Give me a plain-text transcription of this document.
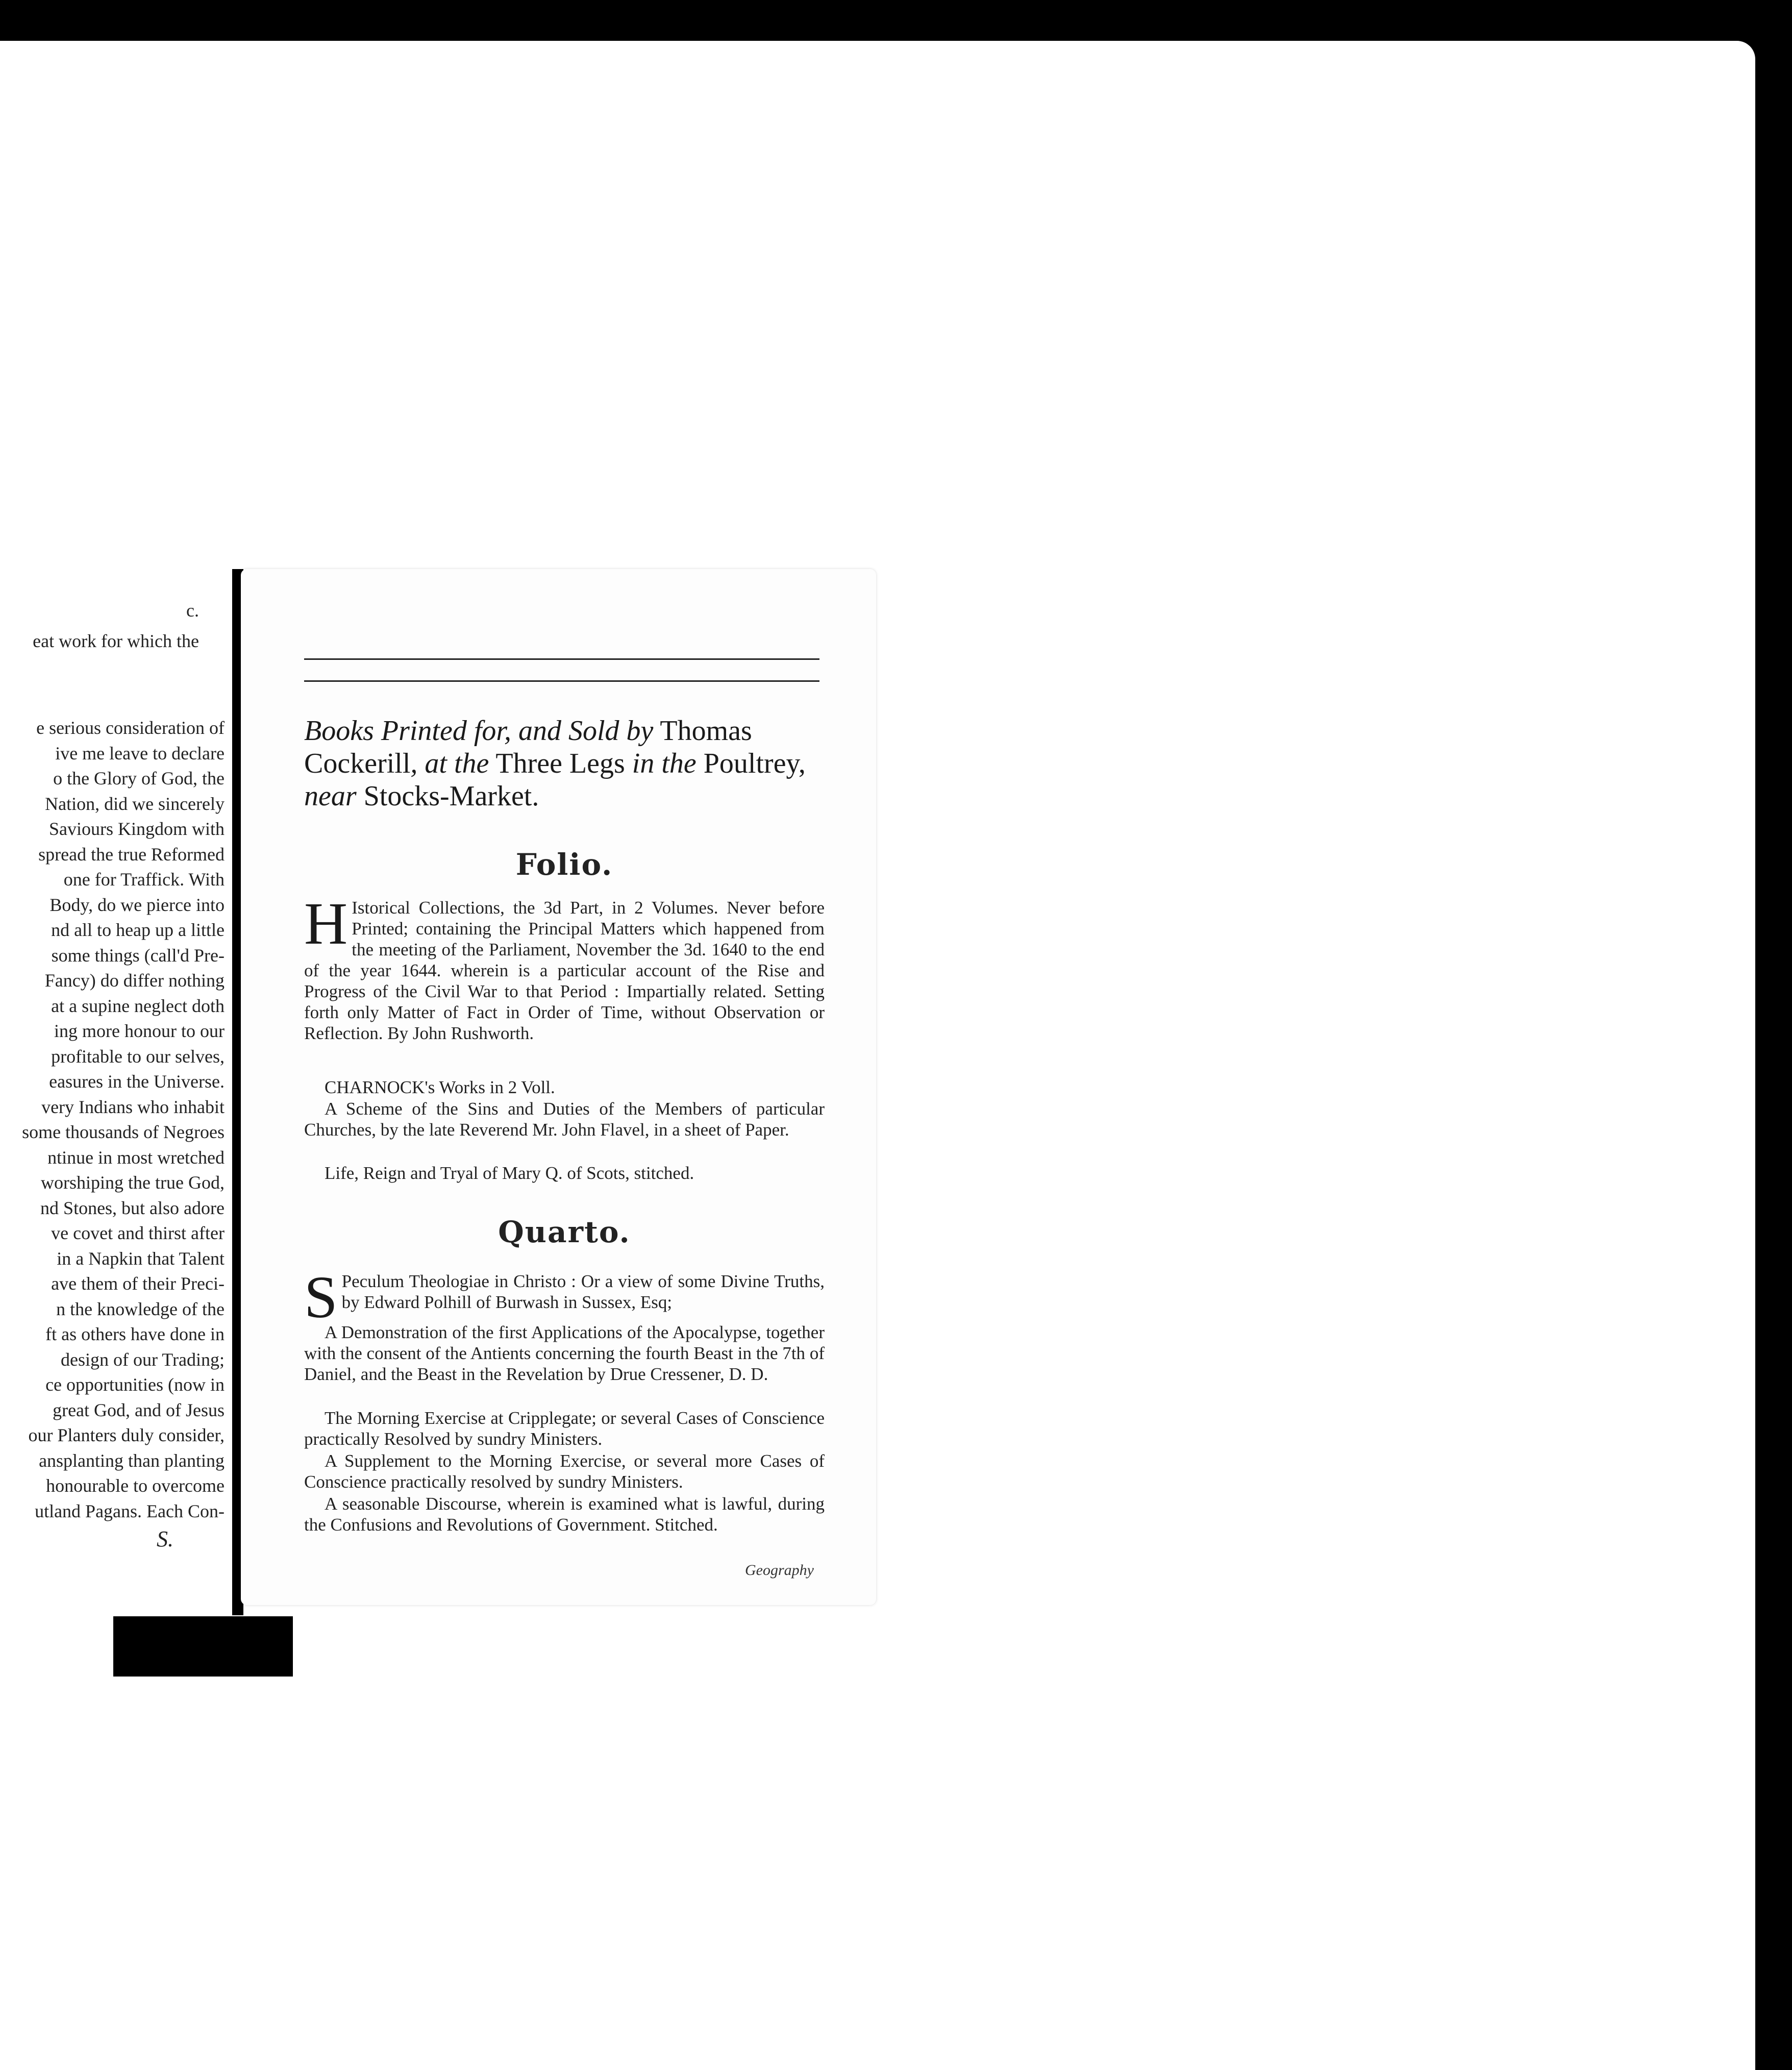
c.
eat work for which the
e serious consideration of
ive me leave to declare
o the Glory of God, the
Nation, did we sincerely
Saviours Kingdom with
spread the true Reformed
one for Traffick. With
Body, do we pierce into
nd all to heap up a little
some things (call'd Pre-
Fancy) do differ nothing
at a supine neglect doth
ing more honour to our
profitable to our selves,
easures in the Universe.
very Indians who inhabit
some thousands of Negroes
ntinue in most wretched
worshiping the true God,
nd Stones, but also adore
ve covet and thirst after
in a Napkin that Talent
ave them of their Preci-
n the knowledge of the
ft as others have done in
design of our Trading;
ce opportunities (now in
great God, and of Jesus
our Planters duly consider,
ansplanting than planting
honourable to overcome
utland Pagans. Each Con-
S.
Books Printed for, and Sold by Thomas Cockerill, at the Three Legs in the Poultrey, near Stocks-Market.
Folio.
H Istorical Collections, the 3d Part, in 2 Volumes. Never before Printed; containing the Principal Matters which happened from the meeting of the Parliament, November the 3d. 1640 to the end of the year 1644. wherein is a particular account of the Rise and Progress of the Civil War to that Period : Impartially related. Setting forth only Matter of Fact in Order of Time, without Observation or Reflection. By John Rushworth.
CHARNOCK's Works in 2 Voll.
A Scheme of the Sins and Duties of the Members of particular Churches, by the late Reverend Mr. John Flavel, in a sheet of Paper.
Life, Reign and Tryal of Mary Q. of Scots, stitched.
Quarto.
S Peculum Theologiae in Christo : Or a view of some Divine Truths, by Edward Polhill of Burwash in Sussex, Esq;
A Demonstration of the first Applications of the Apocalypse, together with the consent of the Antients concerning the fourth Beast in the 7th of Daniel, and the Beast in the Revelation by Drue Cressener, D. D.
The Morning Exercise at Cripplegate; or several Cases of Conscience practically Resolved by sundry Ministers.
A Supplement to the Morning Exercise, or several more Cases of Conscience practically resolved by sundry Ministers.
A seasonable Discourse, wherein is examined what is lawful, during the Confusions and Revolutions of Government. Stitched.
Geography
